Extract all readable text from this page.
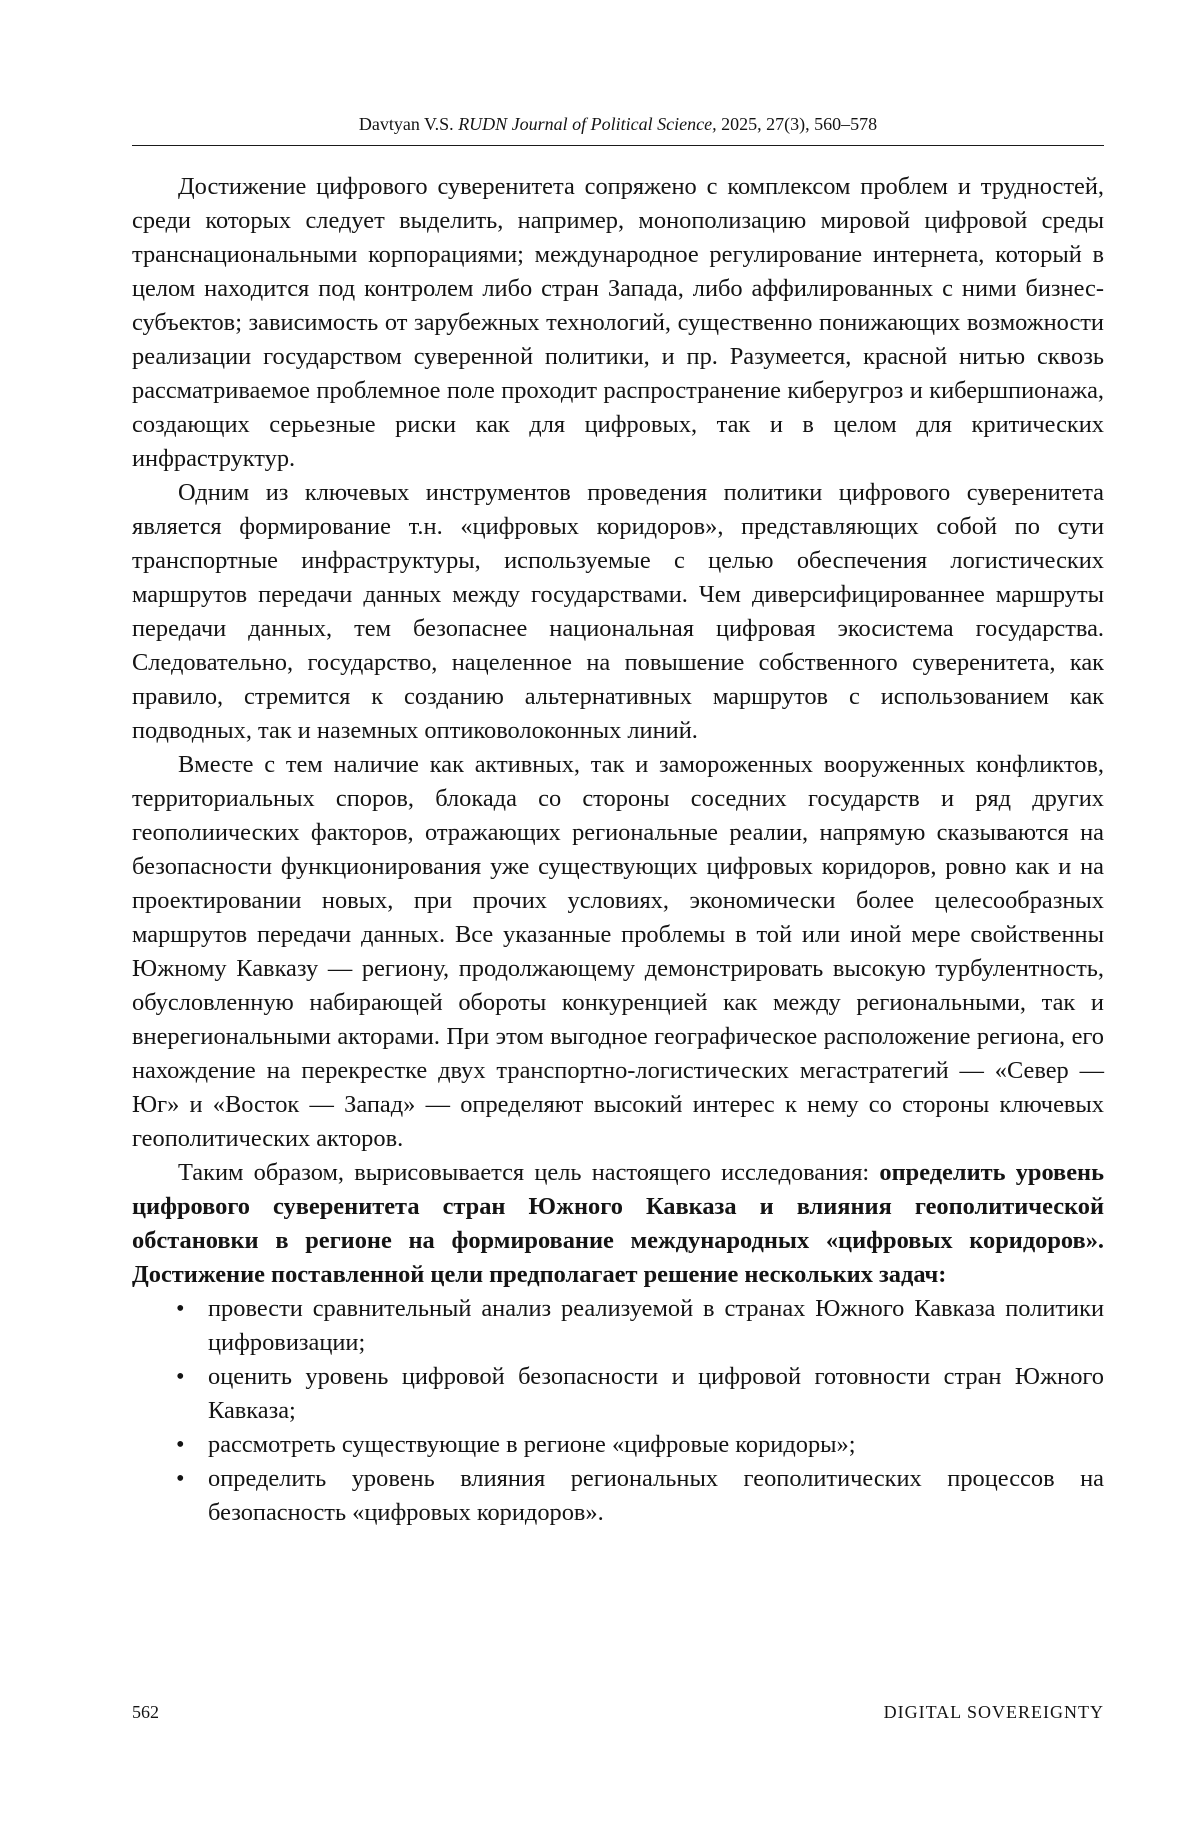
Davtyan V.S. RUDN Journal of Political Science, 2025, 27(3), 560–578

Достижение цифрового суверенитета сопряжено с комплексом проблем и трудностей, среди которых следует выделить, например, монополизацию мировой цифровой среды транснациональными корпорациями; международное регулирование интернета, который в целом находится под контролем либо стран Запада, либо аффилированных с ними бизнес-субъектов; зависимость от зарубежных технологий, существенно понижающих возможности реализации государством суверенной политики, и пр. Разумеется, красной нитью сквозь рассматриваемое проблемное поле проходит распространение киберугроз и кибершпионажа, создающих серьезные риски как для цифровых, так и в целом для критических инфраструктур.

Одним из ключевых инструментов проведения политики цифрового суверенитета является формирование т.н. «цифровых коридоров», представляющих собой по сути транспортные инфраструктуры, используемые с целью обеспечения логистических маршрутов передачи данных между государствами. Чем диверсифицированнее маршруты передачи данных, тем безопаснее национальная цифровая экосистема государства. Следовательно, государство, нацеленное на повышение собственного суверенитета, как правило, стремится к созданию альтернативных маршрутов с использованием как подводных, так и наземных оптиковолоконных линий.

Вместе с тем наличие как активных, так и замороженных вооруженных конфликтов, территориальных споров, блокада со стороны соседних государств и ряд других геополиических факторов, отражающих региональные реалии, напрямую сказываются на безопасности функционирования уже существующих цифровых коридоров, ровно как и на проектировании новых, при прочих условиях, экономически более целесообразных маршрутов передачи данных. Все указанные проблемы в той или иной мере свойственны Южному Кавказу — региону, продолжающему демонстрировать высокую турбулентность, обусловленную набирающей обороты конкуренцией как между региональными, так и внерегиональными акторами. При этом выгодное географическое расположение региона, его нахождение на перекрестке двух транспортно-логистических мегастратегий — «Север — Юг» и «Восток — Запад» — определяют высокий интерес к нему со стороны ключевых геополитических акторов.

Таким образом, вырисовывается цель настоящего исследования: определить уровень цифрового суверенитета стран Южного Кавказа и влияния геополитической обстановки в регионе на формирование международных «цифровых коридоров». Достижение поставленной цели предполагает решение нескольких задач:

• провести сравнительный анализ реализуемой в странах Южного Кавказа политики цифровизации;
• оценить уровень цифровой безопасности и цифровой готовности стран Южного Кавказа;
• рассмотреть существующие в регионе «цифровые коридоры»;
• определить уровень влияния региональных геополитических процессов на безопасность «цифровых коридоров».
562	DIGITAL SOVEREIGNTY
